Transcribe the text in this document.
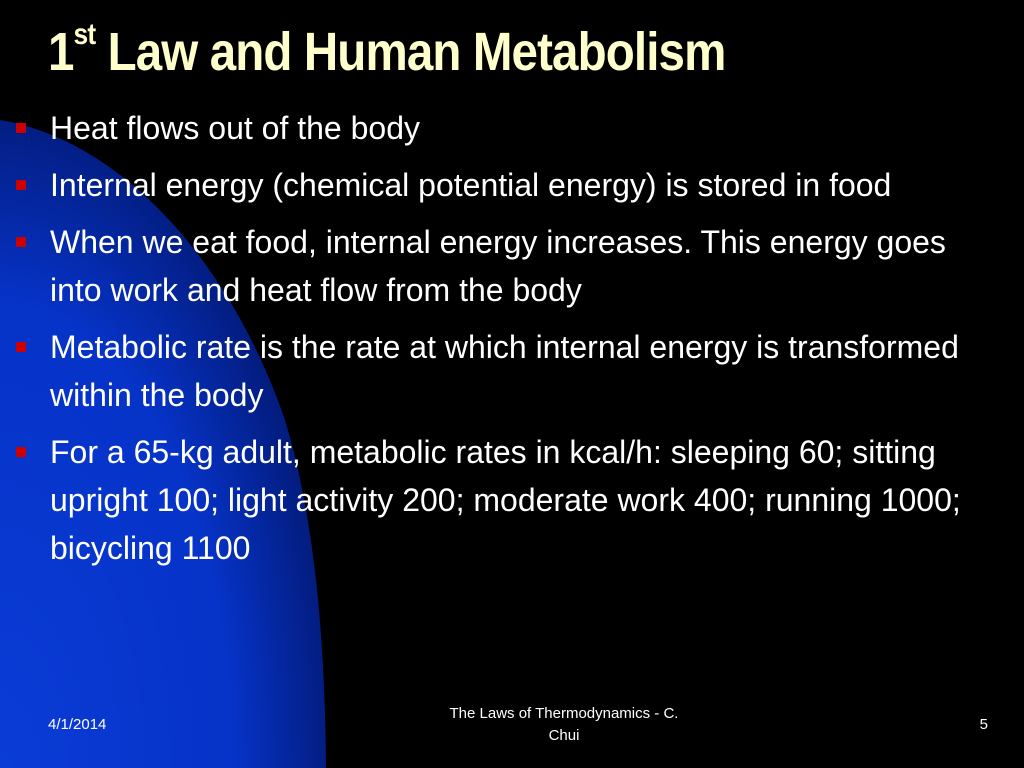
1st Law and Human Metabolism
Heat flows out of the body
Internal energy (chemical potential energy) is stored in food
When we eat food, internal energy increases. This energy goes into work and heat flow from the body
Metabolic rate is the rate at which internal energy is transformed within the body
For a 65-kg adult, metabolic rates in kcal/h: sleeping 60; sitting upright 100; light activity 200; moderate work 400; running 1000; bicycling 1100
4/1/2014
The Laws of Thermodynamics - C.
Chui
5
